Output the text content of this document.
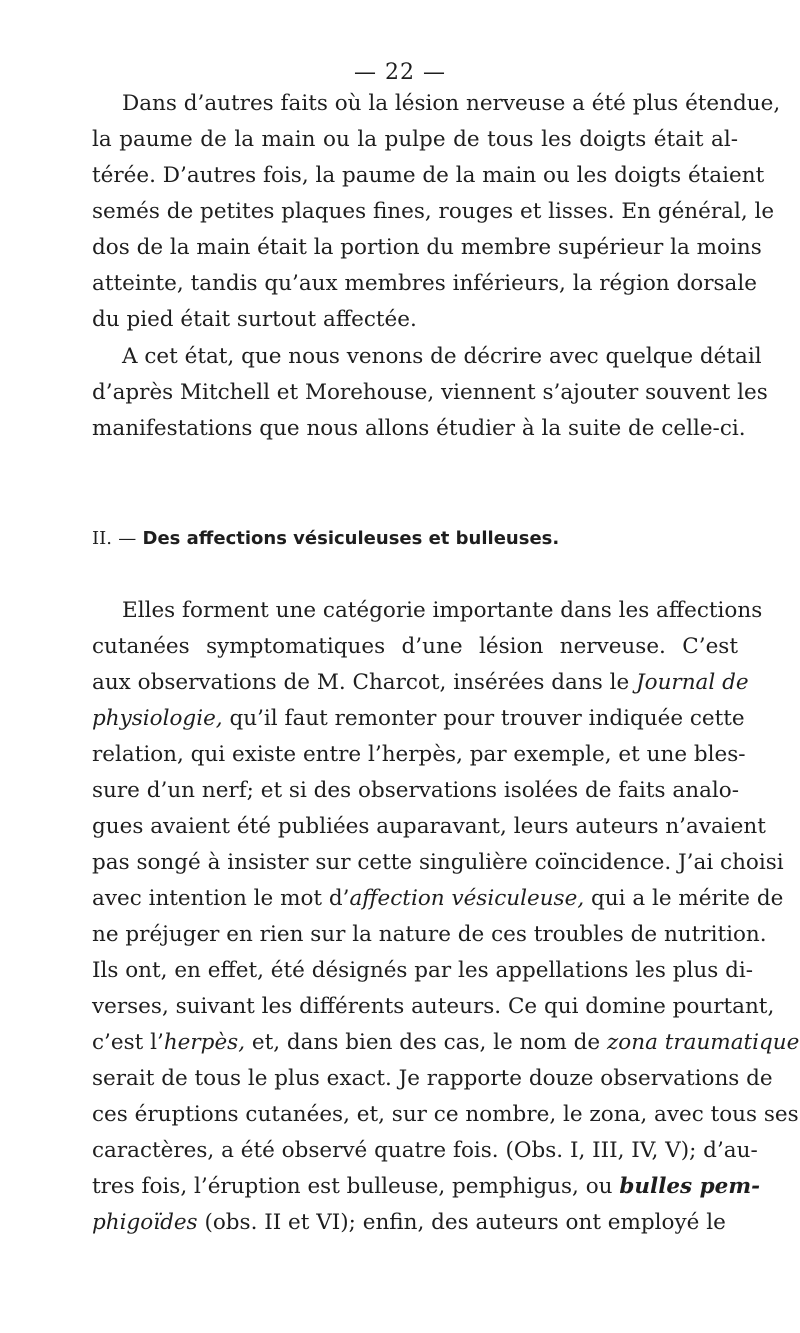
— 22 —
Dans d’autres faits où la lésion nerveuse a été plus étendue,
la paume de la main ou la pulpe de tous les doigts était al-
térée. D’autres fois, la paume de la main ou les doigts étaient
semés de petites plaques fines, rouges et lisses. En général, le
dos de la main était la portion du membre supérieur la moins
atteinte, tandis qu’aux membres inférieurs, la région dorsale
du pied était surtout affectée.
A cet état, que nous venons de décrire avec quelque détail
d’après Mitchell et Morehouse, viennent s’ajouter souvent les
manifestations que nous allons étudier à la suite de celle-ci.
II. — Des affections vésiculeuses et bulleuses.
Elles forment une catégorie importante dans les affections
cutanées symptomatiques d’une lésion nerveuse. C’est
aux observations de M. Charcot, insérées dans le Journal de
physiologie, qu’il faut remonter pour trouver indiquée cette
relation, qui existe entre l’herpès, par exemple, et une bles-
sure d’un nerf; et si des observations isolées de faits analo-
gues avaient été publiées auparavant, leurs auteurs n’avaient
pas songé à insister sur cette singulière coïncidence. J’ai choisi
avec intention le mot d’affection vésiculeuse, qui a le mérite de
ne préjuger en rien sur la nature de ces troubles de nutrition.
Ils ont, en effet, été désignés par les appellations les plus di-
verses, suivant les différents auteurs. Ce qui domine pourtant,
c’est l’herpès, et, dans bien des cas, le nom de zona traumatique
serait de tous le plus exact. Je rapporte douze observations de
ces éruptions cutanées, et, sur ce nombre, le zona, avec tous ses
caractères, a été observé quatre fois. (Obs. I, III, IV, V); d’au-
tres fois, l’éruption est bulleuse, pemphigus, ou bulles pem-
phigoïdes (obs. II et VI); enfin, des auteurs ont employé le
